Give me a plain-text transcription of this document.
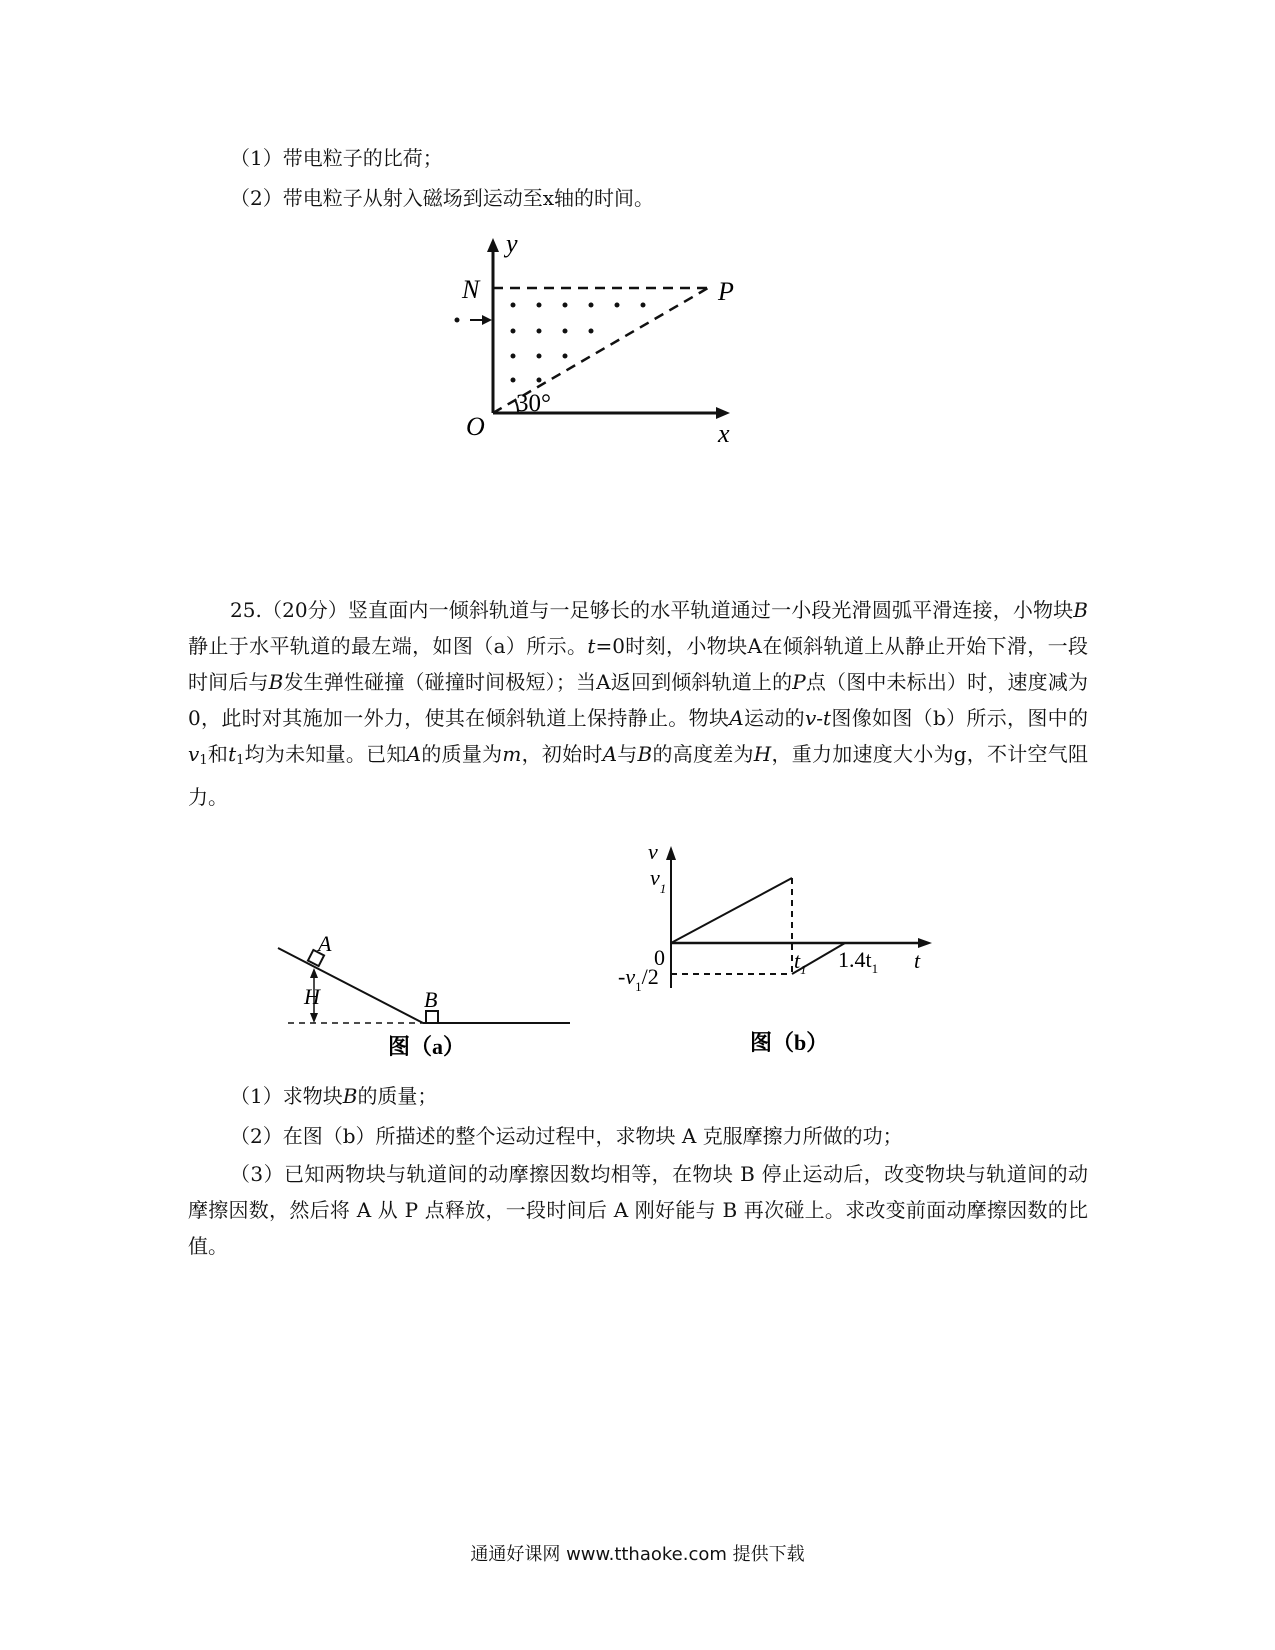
（1）带电粒子的比荷；
（2）带电粒子从射入磁场到运动至x轴的时间。
y
N	P
O	x
30°
25.（20分）竖直面内一倾斜轨道与一足够长的水平轨道通过一小段光滑圆弧平滑连接，小物块B静止于水平轨道的最左端，如图（a）所示。t=0时刻，小物块A在倾斜轨道上从静止开始下滑，一段时间后与B发生弹性碰撞（碰撞时间极短）；当A返回到倾斜轨道上的P点（图中未标出）时，速度减为0，此时对其施加一外力，使其在倾斜轨道上保持静止。物块A运动的v-t图像如图（b）所示，图中的$v_1$和$t_1$均为未知量。已知A的质量为m，初始时A与B的高度差为H，重力加速度大小为g，不计空气阻力。
A
H	B
图（a）
v
$v_1$
0	$t_1$ $1.4t_1$
$-v_1/2$
t
图（b）
（1）求物块B的质量；
（2）在图（b）所描述的整个运动过程中，求物块 A 克服摩擦力所做的功；
（3）已知两物块与轨道间的动摩擦因数均相等，在物块 B 停止运动后，改变物块与轨道间的动摩擦因数，然后将 A 从 P 点释放，一段时间后 A 刚好能与 B 再次碰上。求改变前面动摩擦因数的比值。
通通好课网 www.tthaoke.com 提供下载
